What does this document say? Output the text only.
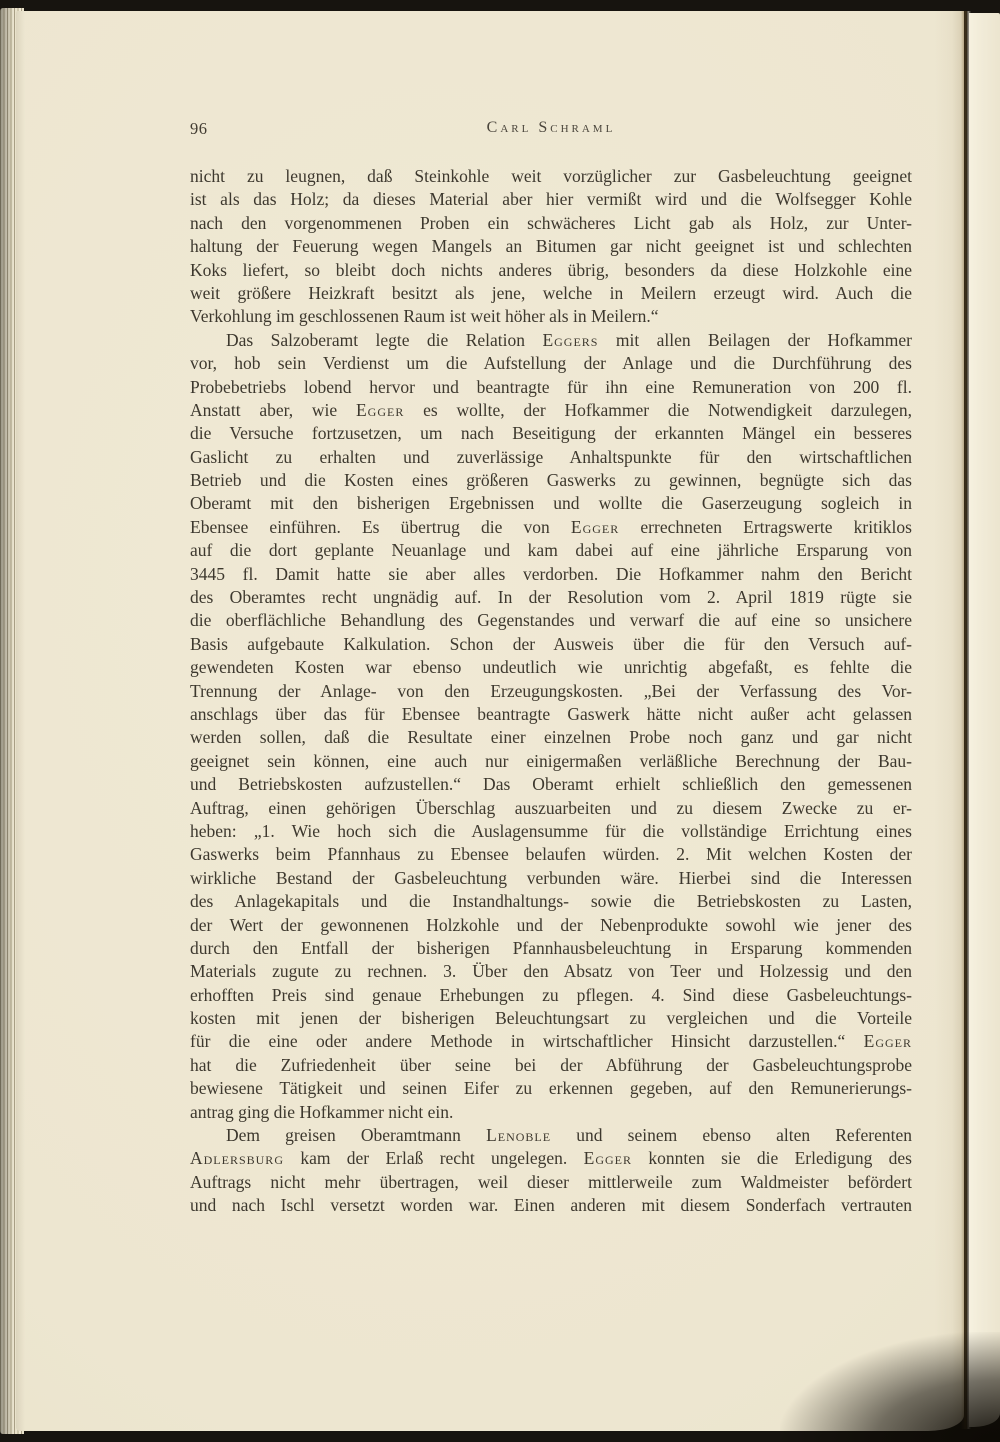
96	Carl Schraml
nicht zu leugnen, daß Steinkohle weit vorzüglicher zur Gasbeleuchtung geeignet
ist als das Holz; da dieses Material aber hier vermißt wird und die Wolfsegger Kohle
nach den vorgenommenen Proben ein schwächeres Licht gab als Holz, zur Unter-
haltung der Feuerung wegen Mangels an Bitumen gar nicht geeignet ist und schlechten
Koks liefert, so bleibt doch nichts anderes übrig, besonders da diese Holzkohle eine
weit größere Heizkraft besitzt als jene, welche in Meilern erzeugt wird. Auch die
Verkohlung im geschlossenen Raum ist weit höher als in Meilern.“
Das Salzoberamt legte die Relation Eggers mit allen Beilagen der Hofkammer
vor, hob sein Verdienst um die Aufstellung der Anlage und die Durchführung des
Probebetriebs lobend hervor und beantragte für ihn eine Remuneration von 200 fl.
Anstatt aber, wie Egger es wollte, der Hofkammer die Notwendigkeit darzulegen,
die Versuche fortzusetzen, um nach Beseitigung der erkannten Mängel ein besseres
Gaslicht zu erhalten und zuverlässige Anhaltspunkte für den wirtschaftlichen
Betrieb und die Kosten eines größeren Gaswerks zu gewinnen, begnügte sich das
Oberamt mit den bisherigen Ergebnissen und wollte die Gaserzeugung sogleich in
Ebensee einführen. Es übertrug die von Egger errechneten Ertragswerte kritiklos
auf die dort geplante Neuanlage und kam dabei auf eine jährliche Ersparung von
3445 fl. Damit hatte sie aber alles verdorben. Die Hofkammer nahm den Bericht
des Oberamtes recht ungnädig auf. In der Resolution vom 2. April 1819 rügte sie
die oberflächliche Behandlung des Gegenstandes und verwarf die auf eine so unsichere
Basis aufgebaute Kalkulation. Schon der Ausweis über die für den Versuch auf-
gewendeten Kosten war ebenso undeutlich wie unrichtig abgefaßt, es fehlte die
Trennung der Anlage- von den Erzeugungskosten. „Bei der Verfassung des Vor-
anschlags über das für Ebensee beantragte Gaswerk hätte nicht außer acht gelassen
werden sollen, daß die Resultate einer einzelnen Probe noch ganz und gar nicht
geeignet sein können, eine auch nur einigermaßen verläßliche Berechnung der Bau-
und Betriebskosten aufzustellen.“ Das Oberamt erhielt schließlich den gemessenen
Auftrag, einen gehörigen Überschlag auszuarbeiten und zu diesem Zwecke zu er-
heben: „1. Wie hoch sich die Auslagensumme für die vollständige Errichtung eines
Gaswerks beim Pfannhaus zu Ebensee belaufen würden. 2. Mit welchen Kosten der
wirkliche Bestand der Gasbeleuchtung verbunden wäre. Hierbei sind die Interessen
des Anlagekapitals und die Instandhaltungs- sowie die Betriebskosten zu Lasten,
der Wert der gewonnenen Holzkohle und der Nebenprodukte sowohl wie jener des
durch den Entfall der bisherigen Pfannhausbeleuchtung in Ersparung kommenden
Materials zugute zu rechnen. 3. Über den Absatz von Teer und Holzessig und den
erhofften Preis sind genaue Erhebungen zu pflegen. 4. Sind diese Gasbeleuchtungs-
kosten mit jenen der bisherigen Beleuchtungsart zu vergleichen und die Vorteile
für die eine oder andere Methode in wirtschaftlicher Hinsicht darzustellen.“ Egger
hat die Zufriedenheit über seine bei der Abführung der Gasbeleuchtungsprobe
bewiesene Tätigkeit und seinen Eifer zu erkennen gegeben, auf den Remunerierungs-
antrag ging die Hofkammer nicht ein.
Dem greisen Oberamtmann Lenoble und seinem ebenso alten Referenten
Adlersburg kam der Erlaß recht ungelegen. Egger konnten sie die Erledigung des
Auftrags nicht mehr übertragen, weil dieser mittlerweile zum Waldmeister befördert
und nach Ischl versetzt worden war. Einen anderen mit diesem Sonderfach vertrauten
